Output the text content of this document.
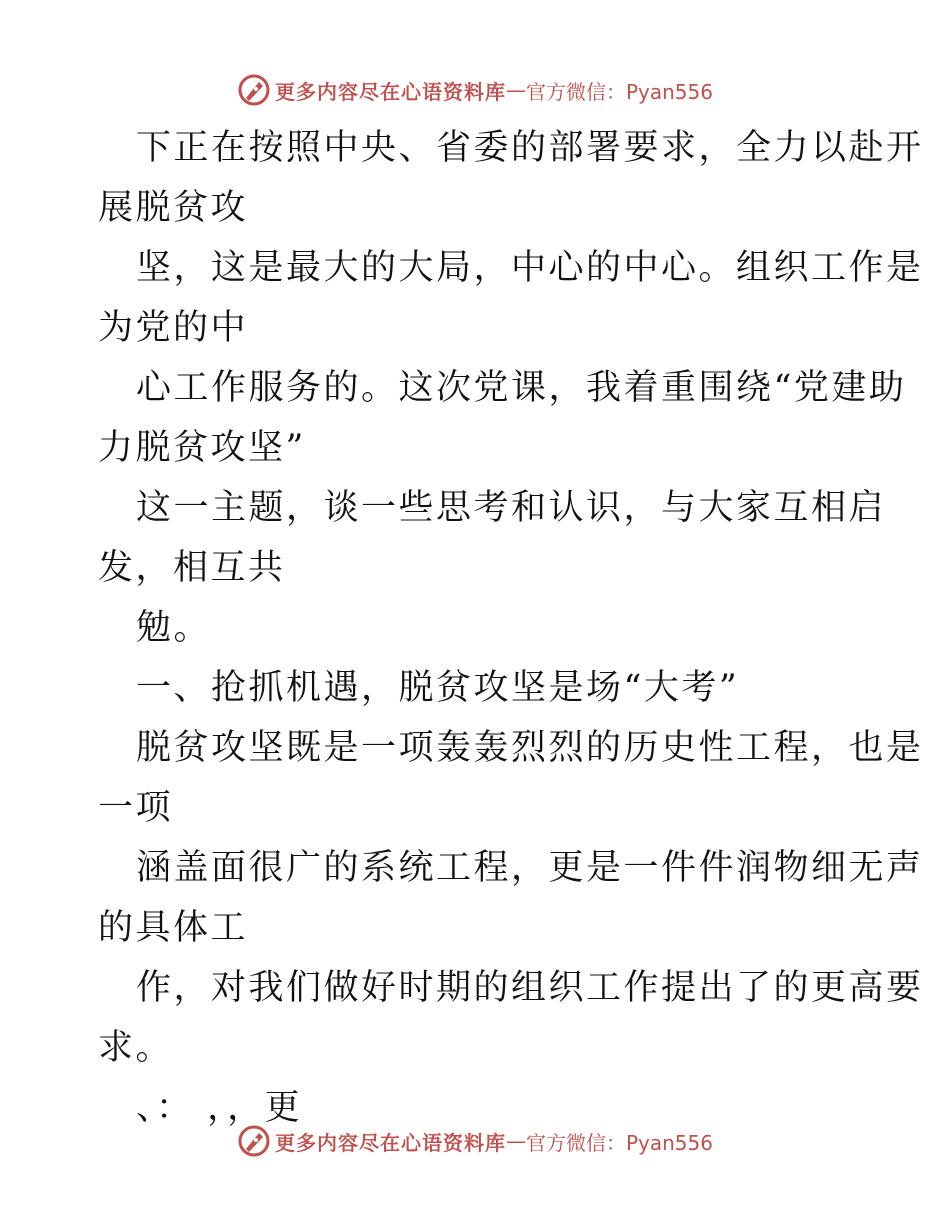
更多内容尽在心语资料库 — 官方微信：Pyan556

下正在按照中央、省委的部署要求，全力以赴开

展脱贫攻

坚，这是最大的大局，中心的中心。组织工作是

为党的中

心工作服务的。这次党课，我着重围绕“党建助

力脱贫攻坚”

这一主题，谈一些思考和认识，与大家互相启

发，相互共

勉。

一、抢抓机遇，脱贫攻坚是场“大考”

脱贫攻坚既是一项轰轰烈烈的历史性工程，也是

一项

涵盖面很广的系统工程，更是一件件润物细无声

的具体工

作，对我们做好时期的组织工作提出了的更高要

求。

、： ，，更

更多内容尽在心语资料库 — 官方微信：Pyan556
